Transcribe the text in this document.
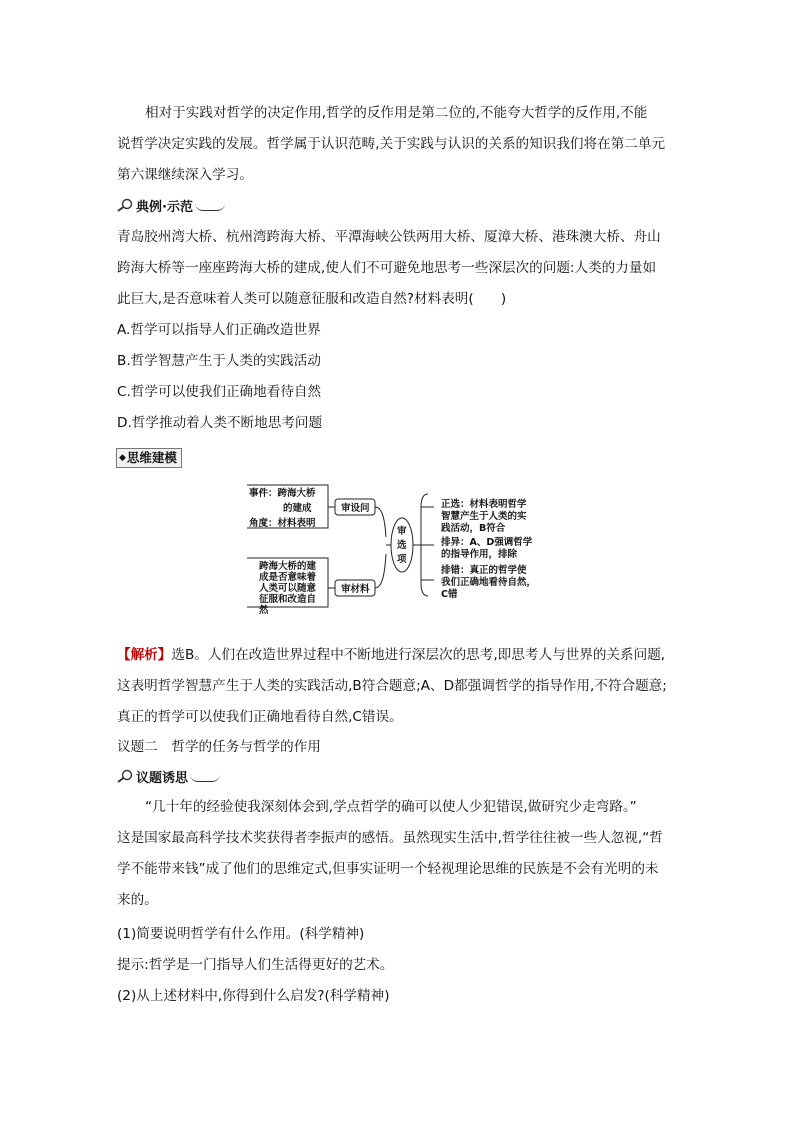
相对于实践对哲学的决定作用,哲学的反作用是第二位的,不能夸大哲学的反作用,不能
说哲学决定实践的发展。哲学属于认识范畴,关于实践与认识的关系的知识我们将在第二单元
第六课继续深入学习。
典例·示范
青岛胶州湾大桥、杭州湾跨海大桥、平潭海峡公铁两用大桥、厦漳大桥、港珠澳大桥、舟山
跨海大桥等一座座跨海大桥的建成,使人们不可避免地思考一些深层次的问题:人类的力量如
此巨大,是否意味着人类可以随意征服和改造自然?材料表明(　　)
A.哲学可以指导人们正确改造世界
B.哲学智慧产生于人类的实践活动
C.哲学可以使我们正确地看待自然
D.哲学推动着人类不断地思考问题
◆ 思维建模
事件：跨海大桥
的建成
角度：材料表明
跨海大桥的建
成是否意味着
人类可以随意
征服和改造自
然
审设问
审材料
审
选
项
正选：材料表明哲学
智慧产生于人类的实
践活动，B符合
排异：A、D强调哲学
的指导作用，排除
排错：真正的哲学使
我们正确地看待自然，
C错
【解析】选B。人们在改造世界过程中不断地进行深层次的思考,即思考人与世界的关系问题,
这表明哲学智慧产生于人类的实践活动,B符合题意;A、D都强调哲学的指导作用,不符合题意;
真正的哲学可以使我们正确地看待自然,C错误。
议题二　哲学的任务与哲学的作用
议题诱思
“几十年的经验使我深刻体会到,学点哲学的确可以使人少犯错误,做研究少走弯路。”
这是国家最高科学技术奖获得者李振声的感悟。虽然现实生活中,哲学往往被一些人忽视,“哲
学不能带来钱”成了他们的思维定式,但事实证明一个轻视理论思维的民族是不会有光明的未
来的。
(1)简要说明哲学有什么作用。(科学精神)
提示:哲学是一门指导人们生活得更好的艺术。
(2)从上述材料中,你得到什么启发?(科学精神)
